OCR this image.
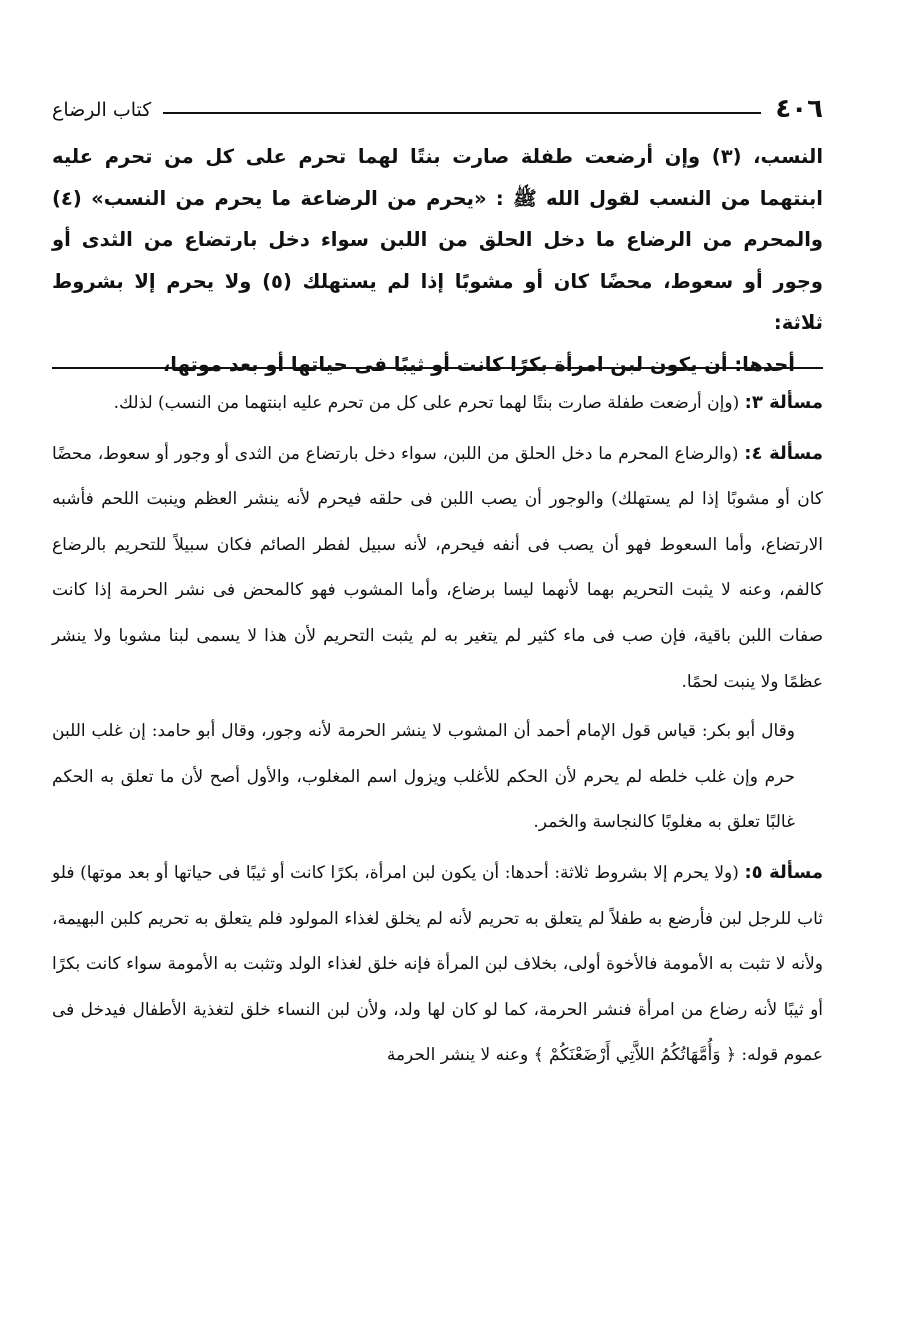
٤٠٦
كتاب الرضاع

النسب، (٣) وإن أرضعت طفلة صارت بنتًا لهما تحرم على كل من تحرم عليه ابنتهما من النسب لقول الله ﷺ : «يحرم من الرضاعة ما يحرم من النسب» (٤) والمحرم من الرضاع ما دخل الحلق من اللبن سواء دخل بارتضاع من الثدى أو وجور أو سعوط، محضًا كان أو مشوبًا إذا لم يستهلك (٥) ولا يحرم إلا بشروط ثلاثة:

أحدها: أن يكون لبن امرأة بكرًا كانت أو ثيبًا فى حياتها أو بعد موتها،

مسألة ٣: (وإن أرضعت طفلة صارت بنتًا لهما تحرم على كل من تحرم عليه ابنتهما من النسب) لذلك.

مسألة ٤: (والرضاع المحرم ما دخل الحلق من اللبن، سواء دخل بارتضاع من الثدى أو وجور أو سعوط، محضًا كان أو مشوبًا إذا لم يستهلك) والوجور أن يصب اللبن فى حلقه فيحرم لأنه ينشر العظم وينبت اللحم فأشبه الارتضاع، وأما السعوط فهو أن يصب فى أنفه فيحرم، لأنه سبيل لفطر الصائم فكان سبيلاً للتحريم بالرضاع كالفم، وعنه لا يثبت التحريم بهما لأنهما ليسا برضاع، وأما المشوب فهو كالمحض فى نشر الحرمة إذا كانت صفات اللبن باقية، فإن صب فى ماء كثير لم يتغير به لم يثبت التحريم لأن هذا لا يسمى لبنا مشوبا ولا ينشر عظمًا ولا ينبت لحمًا.

وقال أبو بكر: قياس قول الإمام أحمد أن المشوب لا ينشر الحرمة لأنه وجور، وقال أبو حامد: إن غلب اللبن حرم وإن غلب خلطه لم يحرم لأن الحكم للأغلب ويزول اسم المغلوب، والأول أصح لأن ما تعلق به الحكم غالبًا تعلق به مغلوبًا كالنجاسة والخمر.

مسألة ٥: (ولا يحرم إلا بشروط ثلاثة: أحدها: أن يكون لبن امرأة، بكرًا كانت أو ثيبًا فى حياتها أو بعد موتها) فلو ثاب للرجل لبن فأرضع به طفلاً لم يتعلق به تحريم لأنه لم يخلق لغذاء المولود فلم يتعلق به تحريم كلبن البهيمة، ولأنه لا تثبت به الأمومة فالأخوة أولى، بخلاف لبن المرأة فإنه خلق لغذاء الولد وتثبت به الأمومة سواء كانت بكرًا أو ثيبًا لأنه رضاع من امرأة فنشر الحرمة، كما لو كان لها ولد، ولأن لبن النساء خلق لتغذية الأطفال فيدخل فى عموم قوله: ﴿ وَأُمَّهَاتُكُمُ اللاَّتِي أَرْضَعْنَكُمْ ﴾ وعنه لا ينشر الحرمة
